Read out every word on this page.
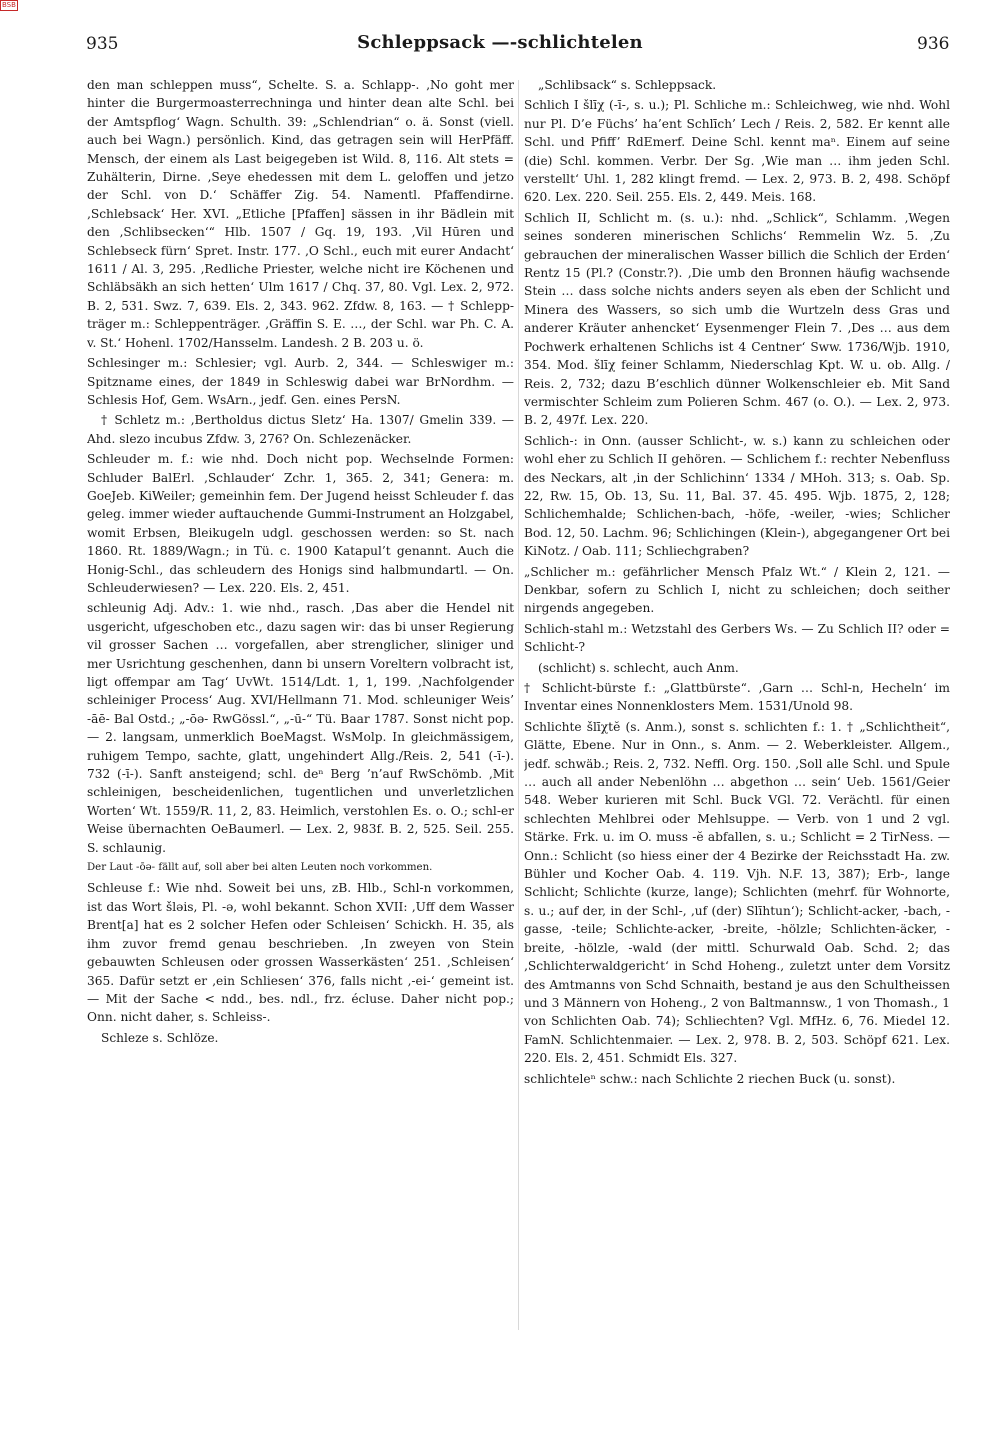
BSB
935	Schleppsack —-schlichtelen	936

den man schleppen muss“, Schelte. S. a. Schlapp-. ‚No goht mer hinter die Burgermoasterrechninga und hinter dean alte Schl. bei der Amtspflog‘ Wagn. Schulth. 39: „Schlendrian“ o. ä. Sonst (viell. auch bei Wagn.) persönlich. Kind, das getragen sein will HerPfäff. Mensch, der einem als Last beigegeben ist Wild. 8, 116. Alt stets = Zuhälterin, Dirne. ‚Seye ehedessen mit dem L. geloffen und jetzo der Schl. von D.‘ Schäffer Zig. 54. Namentl. Pfaffendirne. ‚Schlebsack‘ Her. XVI. „Etliche [Pfaffen] sässen in ihr Bädlein mit den ‚Schlibsecken‘“ Hlb. 1507 / Gq. 19, 193. ‚Vil Hūren und Schlebseck fürn‘ Spret. Instr. 177. ‚O Schl., euch mit eurer Andacht‘ 1611 / Al. 3, 295. ‚Redliche Priester, welche nicht ire Köchenen und Schläbsäkh an sich hetten‘ Ulm 1617 / Chq. 37, 80. Vgl. Lex. 2, 972. B. 2, 531. Swz. 7, 639. Els. 2, 343. 962. Zfdw. 8, 163. — † Schlepp-träger m.: Schleppenträger. ‚Gräffin S. E. …, der Schl. war Ph. C. A. v. St.‘ Hohenl. 1702/Hansselm. Landesh. 2 B. 203 u. ö.

Schlesinger m.: Schlesier; vgl. Aurb. 2, 344. — Schleswiger m.: Spitzname eines, der 1849 in Schleswig dabei war BrNordhm. — Schlesis Hof, Gem. WsArn., jedf. Gen. eines PersN.

† Schletz m.: ‚Bertholdus dictus Sletz‘ Ha. 1307/ Gmelin 339. — Ahd. slezo incubus Zfdw. 3, 276? On. Schlezenäcker.

Schleuder m. f.: wie nhd. Doch nicht pop. Wechselnde Formen: Schluder BalErl. ‚Schlauder‘ Zchr. 1, 365. 2, 341; Genera: m. GoeJeb. KiWeiler; gemeinhin fem. Der Jugend heisst Schleuder f. das geleg. immer wieder auftauchende Gummi-Instrument an Holzgabel, womit Erbsen, Bleikugeln udgl. geschossen werden: so St. nach 1860. Rt. 1889/Wagn.; in Tü. c. 1900 Katapul’t genannt. Auch die Honig-Schl., das schleudern des Honigs sind halbmundartl. — On. Schleuderwiesen? — Lex. 220. Els. 2, 451.

schleunig Adj. Adv.: 1. wie nhd., rasch. ‚Das aber die Hendel nit usgericht, ufgeschoben etc., dazu sagen wir: das bi unser Regierung vil grosser Sachen … vorgefallen, aber strenglicher, sliniger und mer Usrichtung geschenhen, dann bi unsern Voreltern volbracht ist, ligt offempar am Tag‘ UvWt. 1514/Ldt. 1, 1, 199. ‚Nachfolgender schleiniger Process‘ Aug. XVI/Hellmann 71. Mod. schleuniger Weis’ -āē- Bal Ostd.; „-ōə- RwGössl.“, „-ū-“ Tü. Baar 1787. Sonst nicht pop. — 2. langsam, unmerklich BoeMagst. WsMolp. In gleichmässigem, ruhigem Tempo, sachte, glatt, ungehindert Allg./Reis. 2, 541 (-ī-). 732 (-ī-). Sanft ansteigend; schl. deⁿ Berg ’n’auf RwSchömb. ‚Mit schleinigen, bescheidenlichen, tugentlichen und unverletzlichen Worten‘ Wt. 1559/R. 11, 2, 83. Heimlich, verstohlen Es. o. O.; schl-er Weise übernachten OeBaumerl. — Lex. 2, 983f. B. 2, 525. Seil. 255. S. schlaunig.

Der Laut -ōə- fällt auf, soll aber bei alten Leuten noch vorkommen.

Schleuse f.: Wie nhd. Soweit bei uns, zB. Hlb., Schl-n vorkommen, ist das Wort šləis, Pl. -ə, wohl bekannt. Schon XVII: ‚Uff dem Wasser Brent[a] hat es 2 solcher Hefen oder Schleisen‘ Schickh. H. 35, als ihm zuvor fremd genau beschrieben. ‚In zweyen von Stein gebauwten Schleusen oder grossen Wasserkästen‘ 251. ‚Schleisen‘ 365. Dafür setzt er ‚ein Schliesen‘ 376, falls nicht ‚-ei-‘ gemeint ist. — Mit der Sache < ndd., bes. ndl., frz. écluse. Daher nicht pop.; Onn. nicht daher, s. Schleiss-.

Schleze s. Schlöze.

„Schlibsack“ s. Schleppsack.

Schlich I šlīχ (-ī-, s. u.); Pl. Schliche m.: Schleichweg, wie nhd. Wohl nur Pl. D’e Füchs’ ha’ent Schlīch’ Lech / Reis. 2, 582. Er kennt alle Schl. und Pfiff’ RdEmerf. Deine Schl. kennt maⁿ. Einem auf seine (die) Schl. kommen. Verbr. Der Sg. ‚Wie man … ihm jeden Schl. verstellt‘ Uhl. 1, 282 klingt fremd. — Lex. 2, 973. B. 2, 498. Schöpf 620. Lex. 220. Seil. 255. Els. 2, 449. Meis. 168.

Schlich II, Schlicht m. (s. u.): nhd. „Schlick“, Schlamm. ‚Wegen seines sonderen minerischen Schlichs‘ Remmelin Wz. 5. ‚Zu gebrauchen der mineralischen Wasser billich die Schlich der Erden‘ Rentz 15 (Pl.? (Constr.?). ‚Die umb den Bronnen häufig wachsende Stein … dass solche nichts anders seyen als eben der Schlicht und Minera des Wassers, so sich umb die Wurtzeln dess Gras und anderer Kräuter anhencket‘ Eysenmenger Flein 7. ‚Des … aus dem Pochwerk erhaltenen Schlichs ist 4 Centner‘ Sww. 1736/Wjb. 1910, 354. Mod. šlīχ feiner Schlamm, Niederschlag Kpt. W. u. ob. Allg. / Reis. 2, 732; dazu B’eschlich dünner Wolkenschleier eb. Mit Sand vermischter Schleim zum Polieren Schm. 467 (o. O.). — Lex. 2, 973. B. 2, 497f. Lex. 220.

Schlich-: in Onn. (ausser Schlicht-, w. s.) kann zu schleichen oder wohl eher zu Schlich II gehören. — Schlichem f.: rechter Nebenfluss des Neckars, alt ‚in der Schlichinn‘ 1334 / MHoh. 313; s. Oab. Sp. 22, Rw. 15, Ob. 13, Su. 11, Bal. 37. 45. 495. Wjb. 1875, 2, 128; Schlichemhalde; Schlichen-bach, -höfe, -weiler, -wies; Schlicher Bod. 12, 50. Lachm. 96; Schlichingen (Klein-), abgegangener Ort bei KiNotz. / Oab. 111; Schliechgraben?

„Schlicher m.: gefährlicher Mensch Pfalz Wt.“ / Klein 2, 121. — Denkbar, sofern zu Schlich I, nicht zu schleichen; doch seither nirgends angegeben.

Schlich-stahl m.: Wetzstahl des Gerbers Ws. — Zu Schlich II? oder = Schlicht-?

(schlicht) s. schlecht, auch Anm.

† Schlicht-bürste f.: „Glattbürste“. ‚Garn … Schl-n, Hecheln‘ im Inventar eines Nonnenklosters Mem. 1531/Unold 98.

Schlichte šlīχtĕ (s. Anm.), sonst s. schlichten f.: 1. † „Schlichtheit“, Glätte, Ebene. Nur in Onn., s. Anm. — 2. Weberkleister. Allgem., jedf. schwäb.; Reis. 2, 732. Neffl. Org. 150. ‚Soll alle Schl. und Spule … auch all ander Nebenlöhn … abgethon … sein‘ Ueb. 1561/Geier 548. Weber kurieren mit Schl. Buck VGl. 72. Verächtl. für einen schlechten Mehlbrei oder Mehlsuppe. — Verb. von 1 und 2 vgl. Stärke. Frk. u. im O. muss -ĕ abfallen, s. u.; Schlicht = 2 TirNess. — Onn.: Schlicht (so hiess einer der 4 Bezirke der Reichsstadt Ha. zw. Bühler und Kocher Oab. 4. 119. Vjh. N.F. 13, 387); Erb-, lange Schlicht; Schlichte (kurze, lange); Schlichten (mehrf. für Wohnorte, s. u.; auf der, in der Schl-, ‚uf (der) Slīhtun‘); Schlicht-acker, -bach, -gasse, -teile; Schlichte-acker, -breite, -hölzle; Schlichten-äcker, -breite, -hölzle, -wald (der mittl. Schurwald Oab. Schd. 2; das ‚Schlichterwaldgericht‘ in Schd Hoheng., zuletzt unter dem Vorsitz des Amtmanns von Schd Schnaith, bestand je aus den Schultheissen und 3 Männern von Hoheng., 2 von Baltmannsw., 1 von Thomash., 1 von Schlichten Oab. 74); Schliechten? Vgl. MfHz. 6, 76. Miedel 12. FamN. Schlichtenmaier. — Lex. 2, 978. B. 2, 503. Schöpf 621. Lex. 220. Els. 2, 451. Schmidt Els. 327.

schlichteleⁿ schw.: nach Schlichte 2 riechen Buck (u. sonst).
